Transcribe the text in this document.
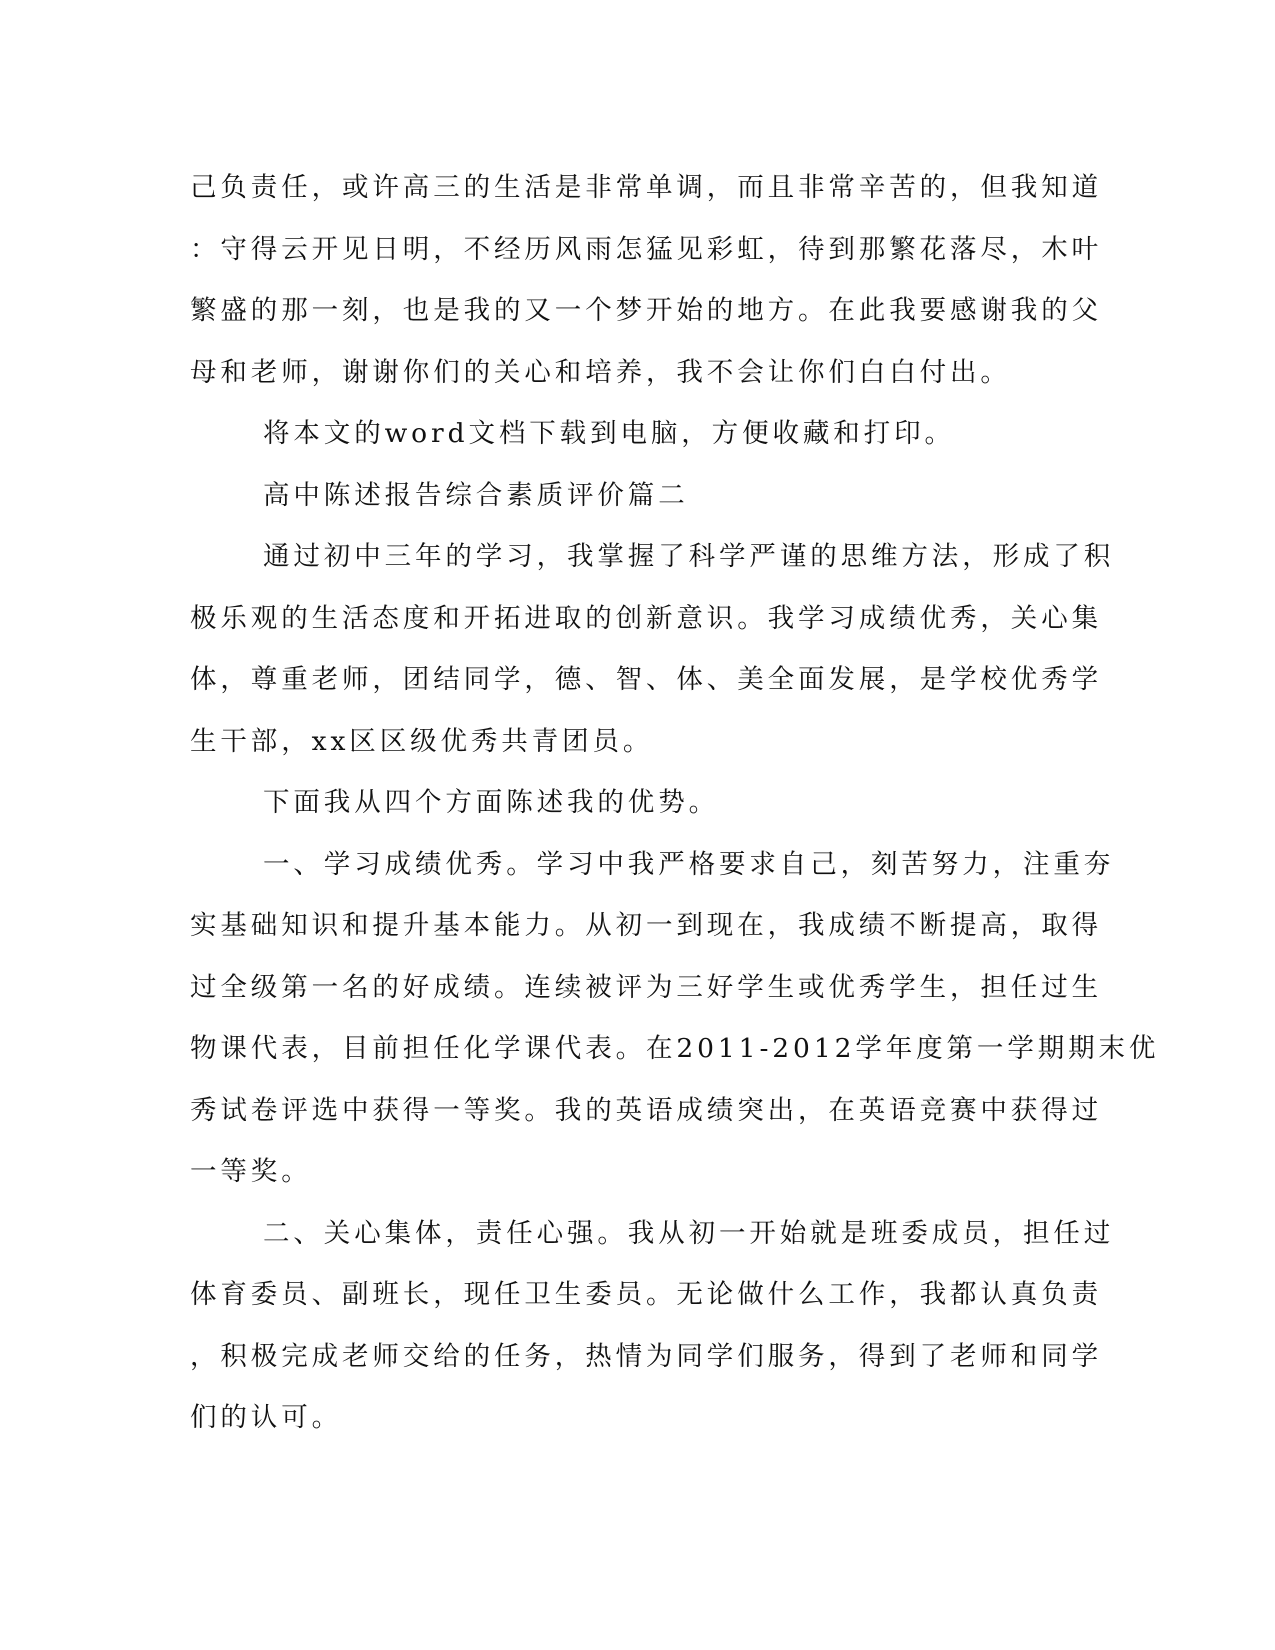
己负责任，或许高三的生活是非常单调，而且非常辛苦的，但我知道
：守得云开见日明，不经历风雨怎猛见彩虹，待到那繁花落尽，木叶
繁盛的那一刻，也是我的又一个梦开始的地方。在此我要感谢我的父
母和老师，谢谢你们的关心和培养，我不会让你们白白付出。
将本文的word文档下载到电脑，方便收藏和打印。
高中陈述报告综合素质评价篇二
通过初中三年的学习，我掌握了科学严谨的思维方法，形成了积
极乐观的生活态度和开拓进取的创新意识。我学习成绩优秀，关心集
体，尊重老师，团结同学，德、智、体、美全面发展，是学校优秀学
生干部，xx区区级优秀共青团员。
下面我从四个方面陈述我的优势。
一、学习成绩优秀。学习中我严格要求自己，刻苦努力，注重夯
实基础知识和提升基本能力。从初一到现在，我成绩不断提高，取得
过全级第一名的好成绩。连续被评为三好学生或优秀学生，担任过生
物课代表，目前担任化学课代表。在2011-2012学年度第一学期期末优
秀试卷评选中获得一等奖。我的英语成绩突出，在英语竞赛中获得过
一等奖。
二、关心集体，责任心强。我从初一开始就是班委成员，担任过
体育委员、副班长，现任卫生委员。无论做什么工作，我都认真负责
，积极完成老师交给的任务，热情为同学们服务，得到了老师和同学
们的认可。
